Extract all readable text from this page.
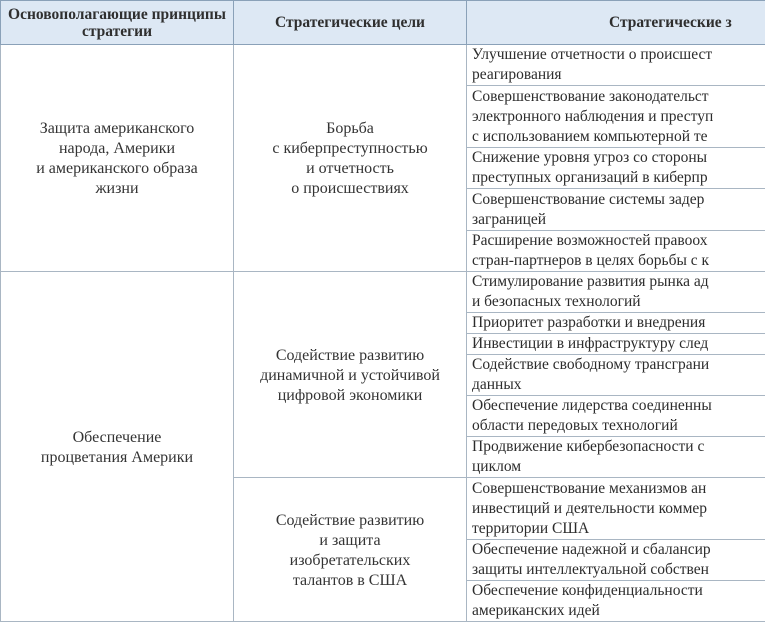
Основополагающие принципы стратегии	Стратегические цели	Стратегические з

Защита американского
народа, Америки
и американского образа
жизни	Борьба
с киберпреступностью
и отчетность
о происшествиях	Улучшение отчетности о происшест
реагирования

		Совершенствование законодательст
электронного наблюдения и преступ
с использованием компьютерной те

		Снижение уровня угроз со стороны
преступных организаций в киберпр

		Совершенствование системы задер
заграницей

		Расширение возможностей правоох
стран-партнеров в целях борьбы с к

Обеспечение
процветания Америки	Содействие развитию
динамичной и устойчивой
цифровой экономики	Стимулирование развития рынка ад
и безопасных технологий

		Приоритет разработки и внедрения

		Инвестиции в инфраструктуру след

		Содействие свободному трансграни
данных

		Обеспечение лидерства соединенны
области передовых технологий

		Продвижение кибербезопасности с
циклом

	Содействие развитию
и защита
изобретательских
талантов в США	Совершенствование механизмов ан
инвестиций и деятельности коммер
территории США

		Обеспечение надежной и сбалансир
защиты интеллектуальной собствен

		Обеспечение конфиденциальности
американских идей
